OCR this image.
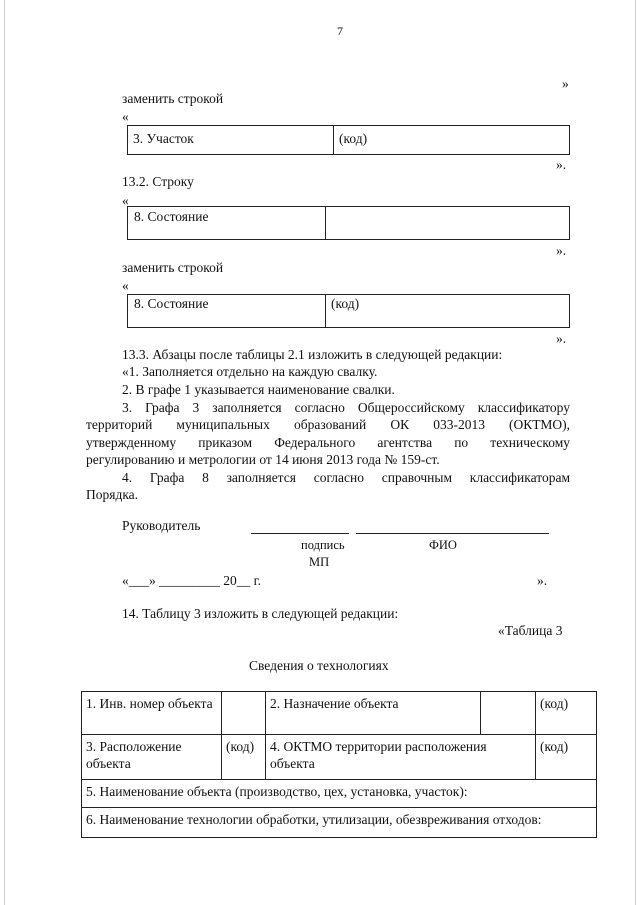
7
»
заменить строкой
«
3. Участок	(код)
».
13.2. Строку
«
8. Состояние
».
заменить строкой
«
8. Состояние	(код)
».
13.3. Абзацы после таблицы 2.1 изложить в следующей редакции:
«1. Заполняется отдельно на каждую свалку.
2. В графе 1 указывается наименование свалки.
3. Графа 3 заполняется согласно Общероссийскому классификатору
территорий муниципальных образований ОК 033-2013 (ОКТМО),
утвержденному приказом Федерального агентства по техническому
регулированию и метрологии от 14 июня 2013 года № 159-ст.
4. Графа 8 заполняется согласно справочным классификаторам
Порядка.
Руководитель
подпись	ФИО
МП
«___» _________ 20__ г.	».
14. Таблицу 3 изложить в следующей редакции:
«Таблица 3
Сведения о технологиях
1. Инв. номер объекта		2. Назначение объекта		(код)
3. Расположение объекта	(код)	4. ОКТМО территории расположения объекта		(код)
5. Наименование объекта (производство, цех, установка, участок):				
6. Наименование технологии обработки, утилизации, обезвреживания отходов:				
